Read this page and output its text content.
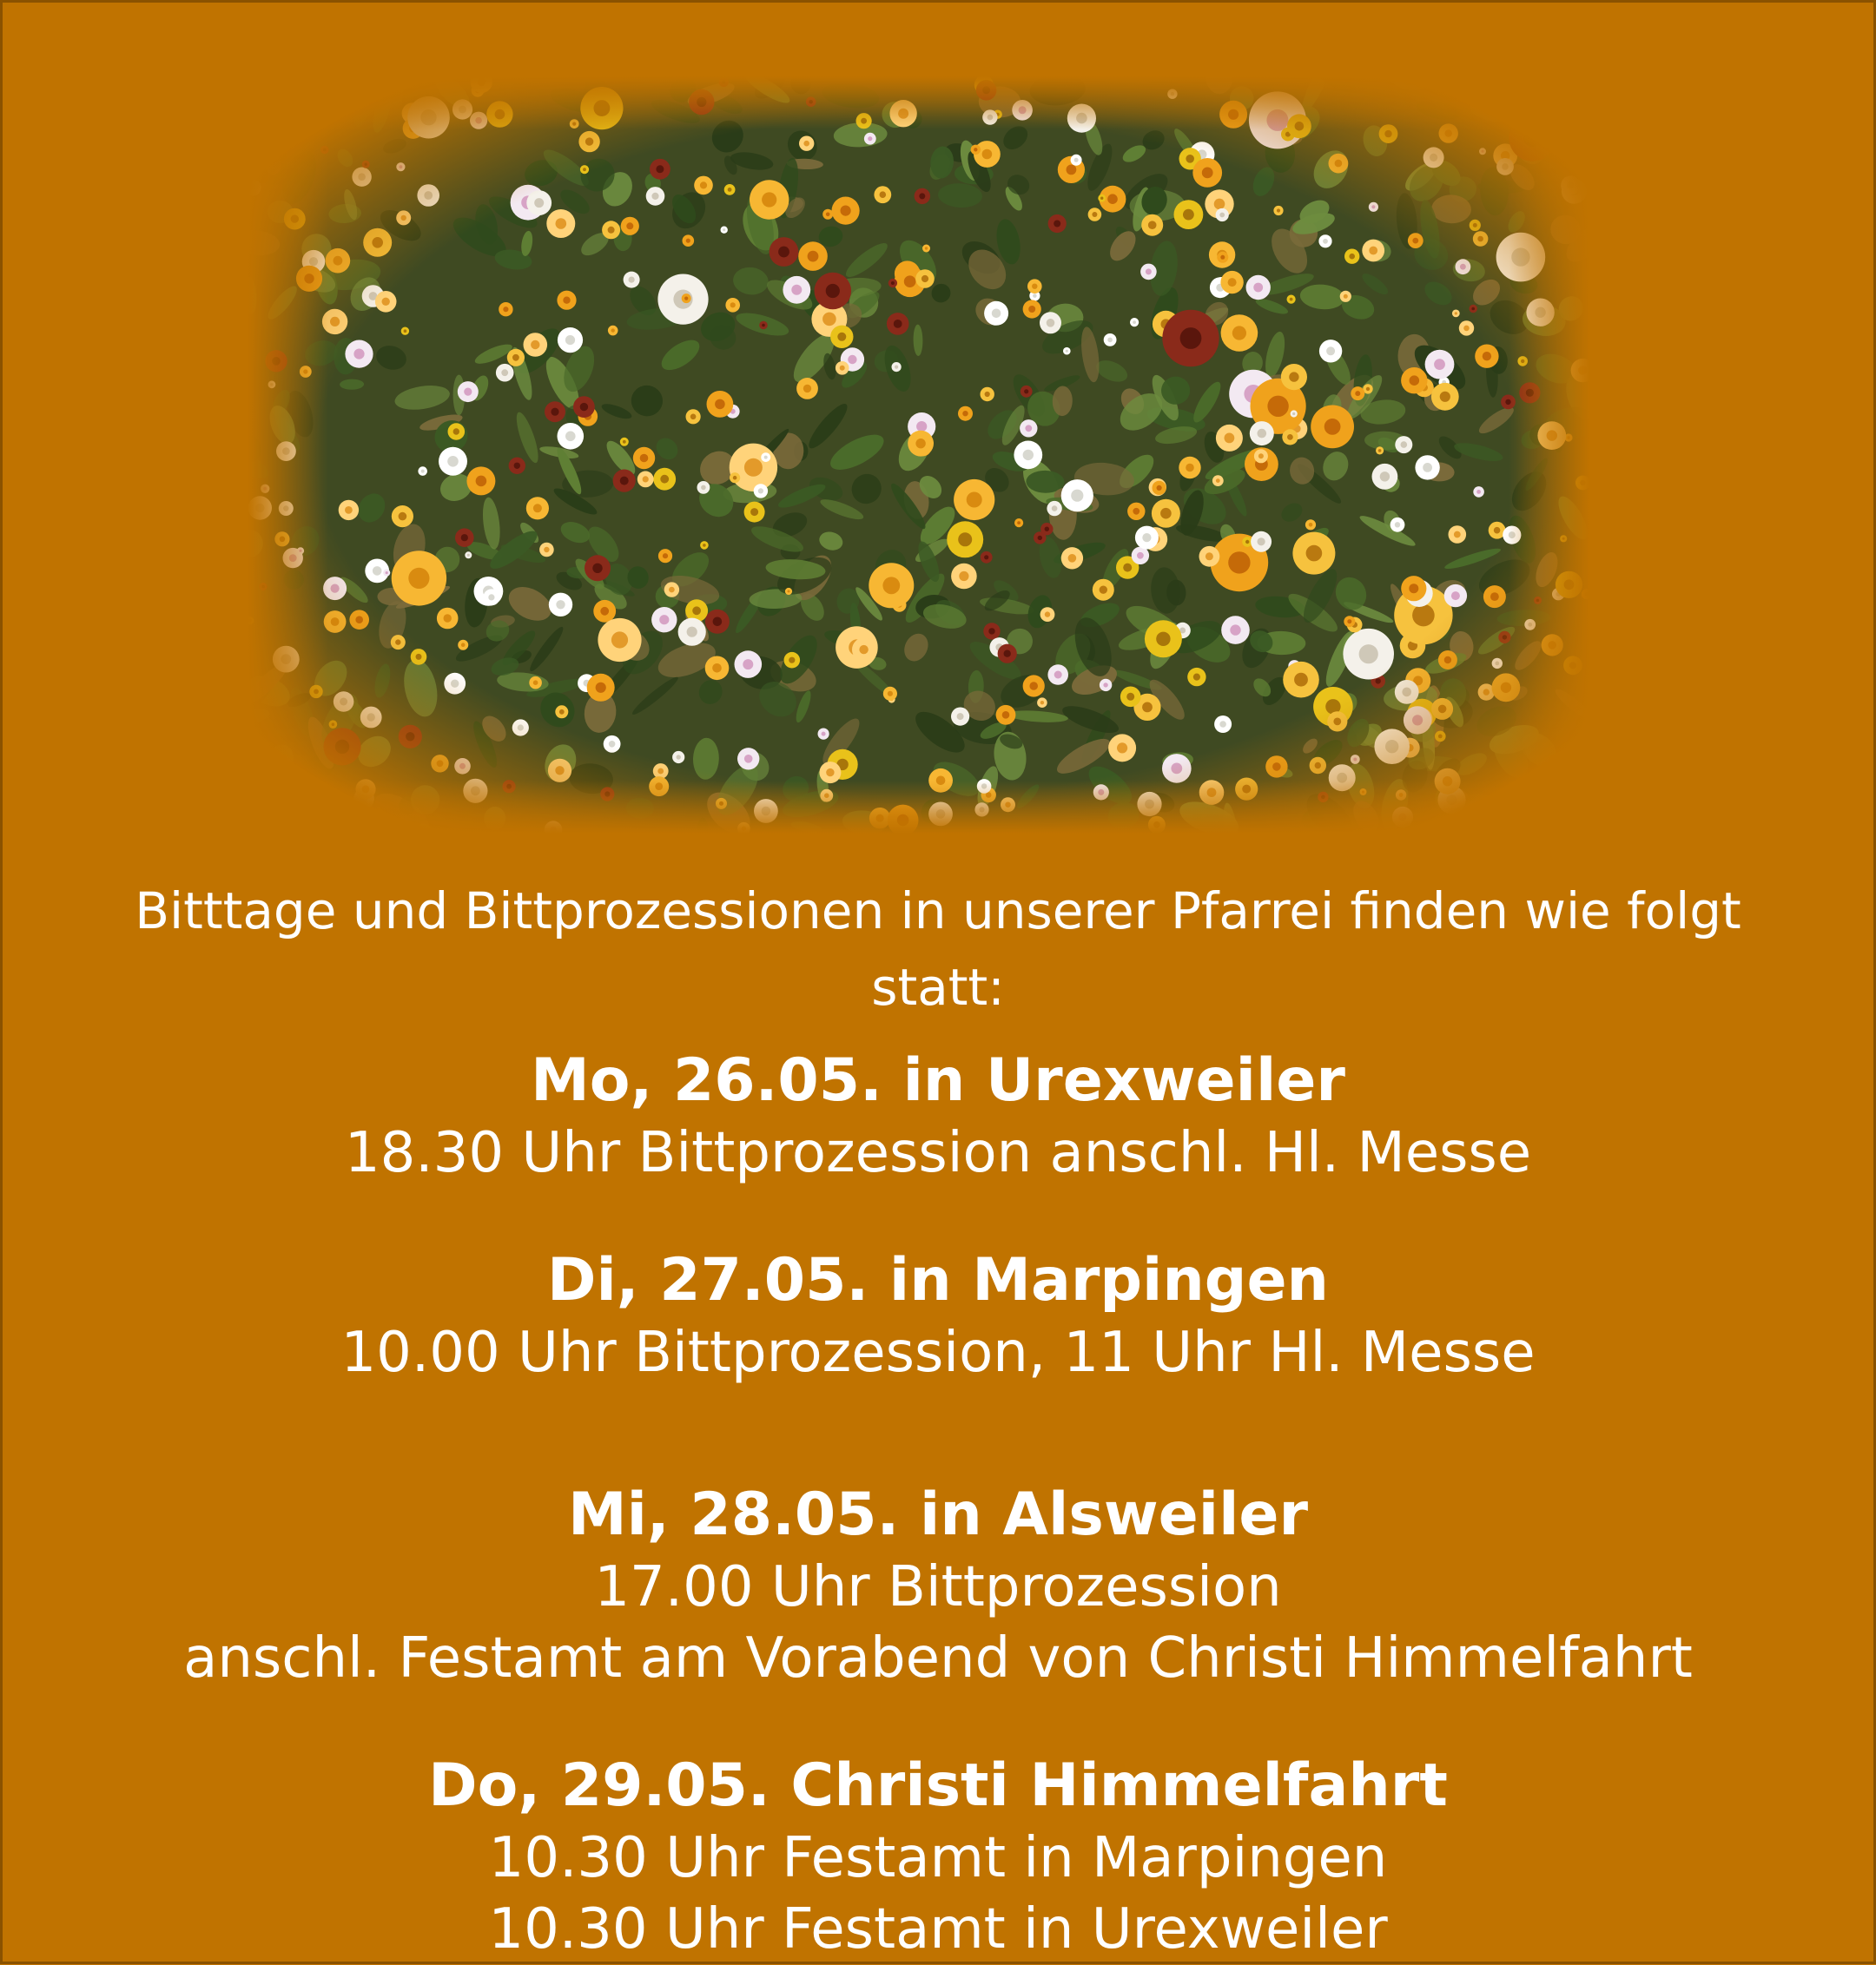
Bitttage und Bittprozessionen in unserer Pfarrei finden wie folgt statt:

Mo, 26.05. in Urexweiler

18.30 Uhr Bittprozession anschl. Hl. Messe

Di, 27.05. in Marpingen

10.00 Uhr Bittprozession, 11 Uhr Hl. Messe

Mi, 28.05. in Alsweiler

17.00 Uhr Bittprozession

anschl. Festamt am Vorabend von Christi Himmelfahrt

Do, 29.05. Christi Himmelfahrt

10.30 Uhr Festamt in Marpingen

10.30 Uhr Festamt in Urexweiler
